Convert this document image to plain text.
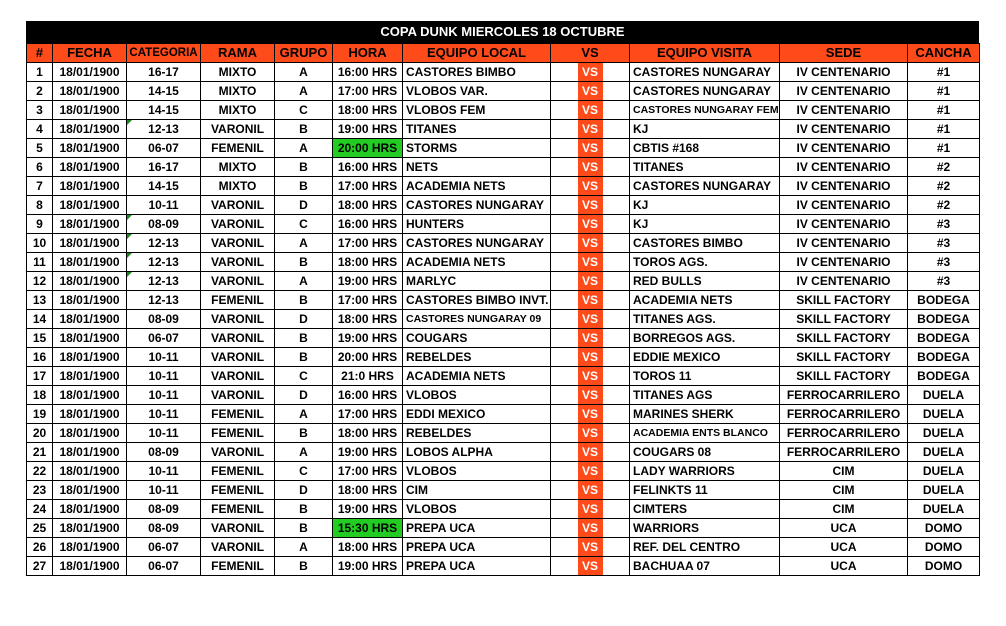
COPA DUNK MIERCOLES 18 OCTUBRE
#	FECHA	CATEGORIA	RAMA	GRUPO	HORA	EQUIPO LOCAL	VS	EQUIPO VISITA	SEDE	CANCHA
1	18/01/1900	16-17	MIXTO	A	16:00 HRS	CASTORES BIMBO	VS	CASTORES NUNGARAY	IV CENTENARIO	#1
2	18/01/1900	14-15	MIXTO	A	17:00 HRS	VLOBOS VAR.	VS	CASTORES NUNGARAY	IV CENTENARIO	#1
3	18/01/1900	14-15	MIXTO	C	18:00 HRS	VLOBOS FEM	VS	CASTORES NUNGARAY FEM	IV CENTENARIO	#1
4	18/01/1900	12-13	VARONIL	B	19:00 HRS	TITANES	VS	KJ	IV CENTENARIO	#1
5	18/01/1900	06-07	FEMENIL	A	20:00 HRS	STORMS	VS	CBTIS #168	IV CENTENARIO	#1
6	18/01/1900	16-17	MIXTO	B	16:00 HRS	NETS	VS	TITANES	IV CENTENARIO	#2
7	18/01/1900	14-15	MIXTO	B	17:00 HRS	ACADEMIA NETS	VS	CASTORES NUNGARAY	IV CENTENARIO	#2
8	18/01/1900	10-11	VARONIL	D	18:00 HRS	CASTORES NUNGARAY	VS	KJ	IV CENTENARIO	#2
9	18/01/1900	08-09	VARONIL	C	16:00 HRS	HUNTERS	VS	KJ	IV CENTENARIO	#3
10	18/01/1900	12-13	VARONIL	A	17:00 HRS	CASTORES NUNGARAY	VS	CASTORES BIMBO	IV CENTENARIO	#3
11	18/01/1900	12-13	VARONIL	B	18:00 HRS	ACADEMIA NETS	VS	TOROS AGS.	IV CENTENARIO	#3
12	18/01/1900	12-13	VARONIL	A	19:00 HRS	MARLYC	VS	RED BULLS	IV CENTENARIO	#3
13	18/01/1900	12-13	FEMENIL	B	17:00 HRS	CASTORES BIMBO INVT.	VS	ACADEMIA NETS	SKILL FACTORY	BODEGA
14	18/01/1900	08-09	VARONIL	D	18:00 HRS	CASTORES NUNGARAY 09	VS	TITANES AGS.	SKILL FACTORY	BODEGA
15	18/01/1900	06-07	VARONIL	B	19:00 HRS	COUGARS	VS	BORREGOS AGS.	SKILL FACTORY	BODEGA
16	18/01/1900	10-11	VARONIL	B	20:00 HRS	REBELDES	VS	EDDIE MEXICO	SKILL FACTORY	BODEGA
17	18/01/1900	10-11	VARONIL	C	21:0 HRS	ACADEMIA NETS	VS	TOROS 11	SKILL FACTORY	BODEGA
18	18/01/1900	10-11	VARONIL	D	16:00 HRS	VLOBOS	VS	TITANES AGS	FERROCARRILERO	DUELA
19	18/01/1900	10-11	FEMENIL	A	17:00 HRS	EDDI MEXICO	VS	MARINES SHERK	FERROCARRILERO	DUELA
20	18/01/1900	10-11	FEMENIL	B	18:00 HRS	REBELDES	VS	ACADEMIA ENTS BLANCO	FERROCARRILERO	DUELA
21	18/01/1900	08-09	VARONIL	A	19:00 HRS	LOBOS ALPHA	VS	COUGARS 08	FERROCARRILERO	DUELA
22	18/01/1900	10-11	FEMENIL	C	17:00 HRS	VLOBOS	VS	LADY WARRIORS	CIM	DUELA
23	18/01/1900	10-11	FEMENIL	D	18:00 HRS	CIM	VS	FELINKTS 11	CIM	DUELA
24	18/01/1900	08-09	FEMENIL	B	19:00 HRS	VLOBOS	VS	CIMTERS	CIM	DUELA
25	18/01/1900	08-09	VARONIL	B	15:30 HRS	PREPA UCA	VS	WARRIORS	UCA	DOMO
26	18/01/1900	06-07	VARONIL	A	18:00 HRS	PREPA UCA	VS	REF. DEL CENTRO	UCA	DOMO
27	18/01/1900	06-07	FEMENIL	B	19:00 HRS	PREPA UCA	VS	BACHUAA 07	UCA	DOMO
